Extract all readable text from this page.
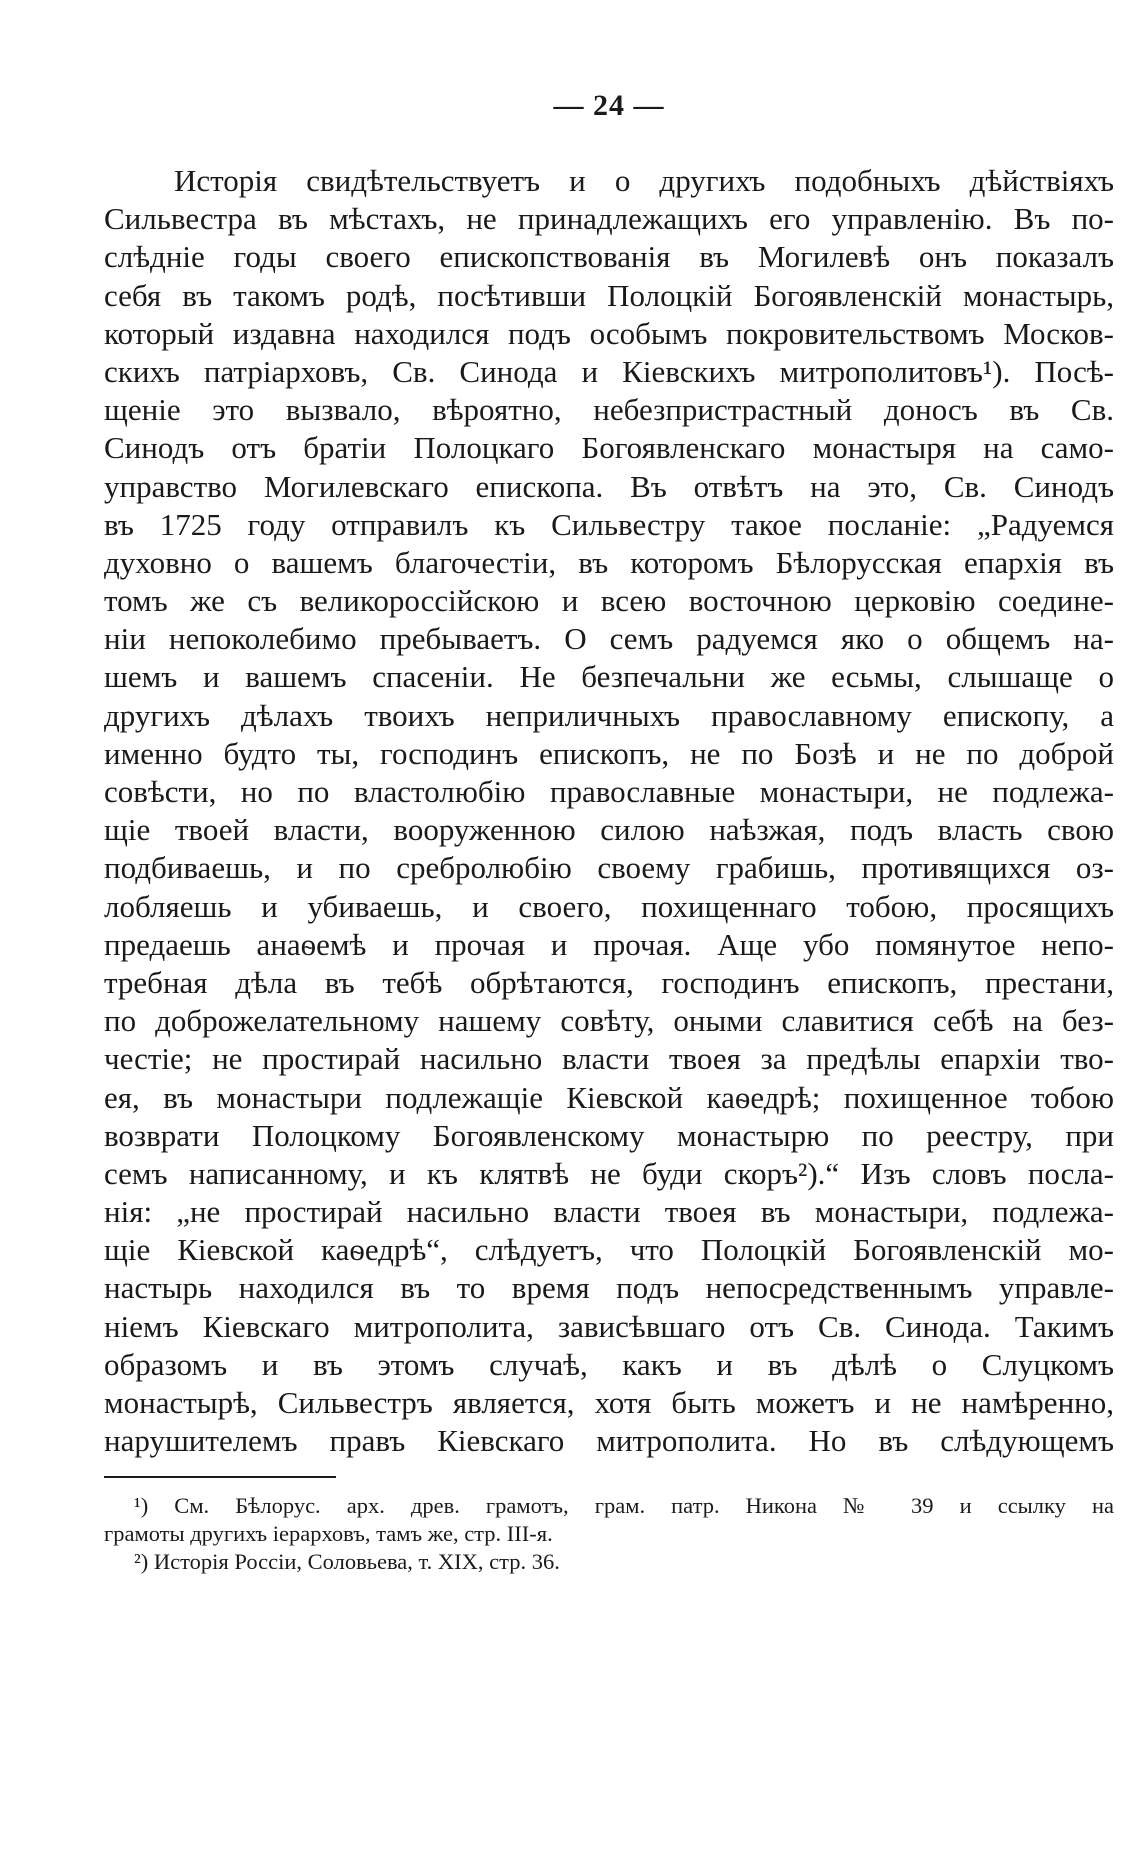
— 24 —
Исторія свидѣтельствуетъ и о другихъ подобныхъ дѣйствіяхъ
Сильвестра въ мѣстахъ, не принадлежащихъ его управленію. Въ по-
слѣдніе годы своего епископствованія въ Могилевѣ онъ показалъ
себя въ такомъ родѣ, посѣтивши Полоцкій Богоявленскій монастырь,
который издавна находился подъ особымъ покровительствомъ Москов-
скихъ патріарховъ, Св. Синода и Кіевскихъ митрополитовъ¹). Посѣ-
щеніе это вызвало, вѣроятно, небезпристрастный доносъ въ Св.
Синодъ отъ братіи Полоцкаго Богоявленскаго монастыря на само-
управство Могилевскаго епископа. Въ отвѣтъ на это, Св. Синодъ
въ 1725 году отправилъ къ Сильвестру такое посланіе: „Радуемся
духовно о вашемъ благочестіи, въ которомъ Бѣлорусская епархія въ
томъ же съ великороссійскою и всею восточною церковію соедине-
ніи непоколебимо пребываетъ. О семъ радуемся яко о общемъ на-
шемъ и вашемъ спасеніи. Не безпечальни же есьмы, слышаще о
другихъ дѣлахъ твоихъ неприличныхъ православному епископу, а
именно будто ты, господинъ епископъ, не по Бозѣ и не по доброй
совѣсти, но по властолюбію православные монастыри, не подлежа-
щіе твоей власти, вооруженною силою наѣзжая, подъ власть свою
подбиваешь, и по сребролюбію своему грабишь, противящихся оз-
лобляешь и убиваешь, и своего, похищеннаго тобою, просящихъ
предаешь анаѳемѣ и прочая и прочая. Аще убо помянутое непо-
требная дѣла въ тебѣ обрѣтаются, господинъ епископъ, престани,
по доброжелательному нашему совѣту, оными славитися себѣ на без-
честіе; не простирай насильно власти твоея за предѣлы епархіи тво-
ея, въ монастыри подлежащіе Кіевской каѳедрѣ; похищенное тобою
возврати Полоцкому Богоявленскому монастырю по реестру, при
семъ написанному, и къ клятвѣ не буди скоръ²).“ Изъ словъ посла-
нія: „не простирай насильно власти твоея въ монастыри, подлежа-
щіе Кіевской каѳедрѣ“, слѣдуетъ, что Полоцкій Богоявленскій мо-
настырь находился въ то время подъ непосредственнымъ управле-
ніемъ Кіевскаго митрополита, зависѣвшаго отъ Св. Синода. Такимъ
образомъ и въ этомъ случаѣ, какъ и въ дѣлѣ о Слуцкомъ
монастырѣ, Сильвестръ является, хотя быть можетъ и не намѣренно,
нарушителемъ правъ Кіевскаго митрополита. Но въ слѣдующемъ
¹) См. Бѣлорус. арх. древ. грамотъ, грам. патр. Никона № 39 и ссылку на
грамоты другихъ іерарховъ, тамъ же, стр. III-я.
²) Исторія Россіи, Соловьева, т. XIX, стр. 36.
